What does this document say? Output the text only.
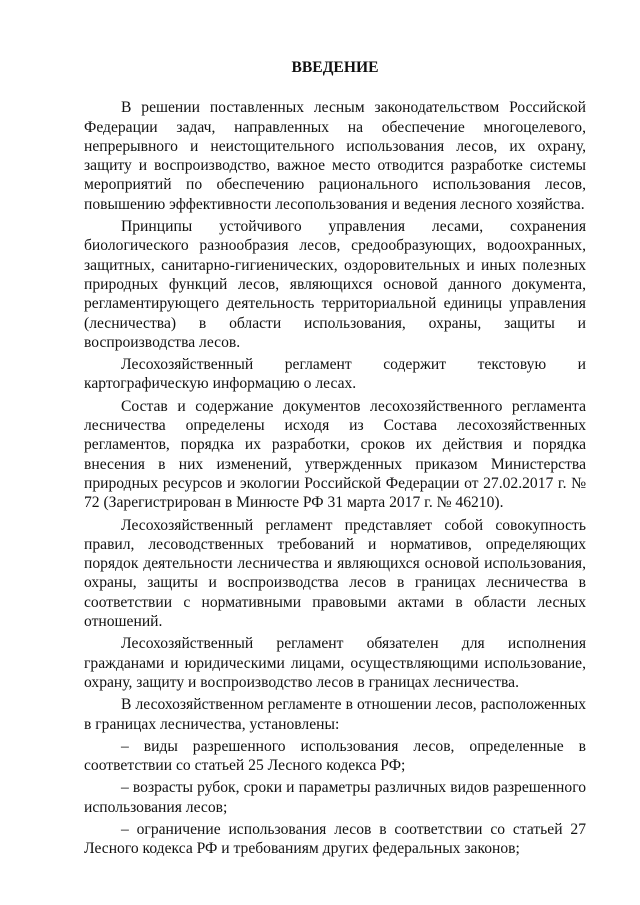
ВВЕДЕНИЕ

В решении поставленных лесным законодательством Российской Федерации задач, направленных на обеспечение многоцелевого, непрерывного и неистощительного использования лесов, их охрану, защиту и воспроизводство, важное место отводится разработке системы мероприятий по обеспечению рационального использования лесов, повышению эффективности лесопользования и ведения лесного хозяйства.

Принципы устойчивого управления лесами, сохранения биологического разнообразия лесов, средообразующих, водоохранных, защитных, санитарно-гигиенических, оздоровительных и иных полезных природных функций лесов, являющихся основой данного документа, регламентирующего деятельность территориальной единицы управления (лесничества) в области использования, охраны, защиты и воспроизводства лесов.

Лесохозяйственный регламент содержит текстовую и картографическую информацию о лесах.

Состав и содержание документов лесохозяйственного регламента лесничества определены исходя из Состава лесохозяйственных регламентов, порядка их разработки, сроков их действия и порядка внесения в них изменений, утвержденных приказом Министерства природных ресурсов и экологии Российской Федерации от 27.02.2017 г. № 72 (Зарегистрирован в Минюсте РФ 31 марта 2017 г. № 46210).

Лесохозяйственный регламент представляет собой совокупность правил, лесоводственных требований и нормативов, определяющих порядок деятельности лесничества и являющихся основой использования, охраны, защиты и воспроизводства лесов в границах лесничества в соответствии с нормативными правовыми актами в области лесных отношений.

Лесохозяйственный регламент обязателен для исполнения гражданами и юридическими лицами, осуществляющими использование, охрану, защиту и воспроизводство лесов в границах лесничества.

В лесохозяйственном регламенте в отношении лесов, расположенных в границах лесничества, установлены:

– виды разрешенного использования лесов, определенные в соответствии со статьей 25 Лесного кодекса РФ;

– возрасты рубок, сроки и параметры различных видов разрешенного использования лесов;

– ограничение использования лесов в соответствии со статьей 27 Лесного кодекса РФ и требованиям других федеральных законов;
